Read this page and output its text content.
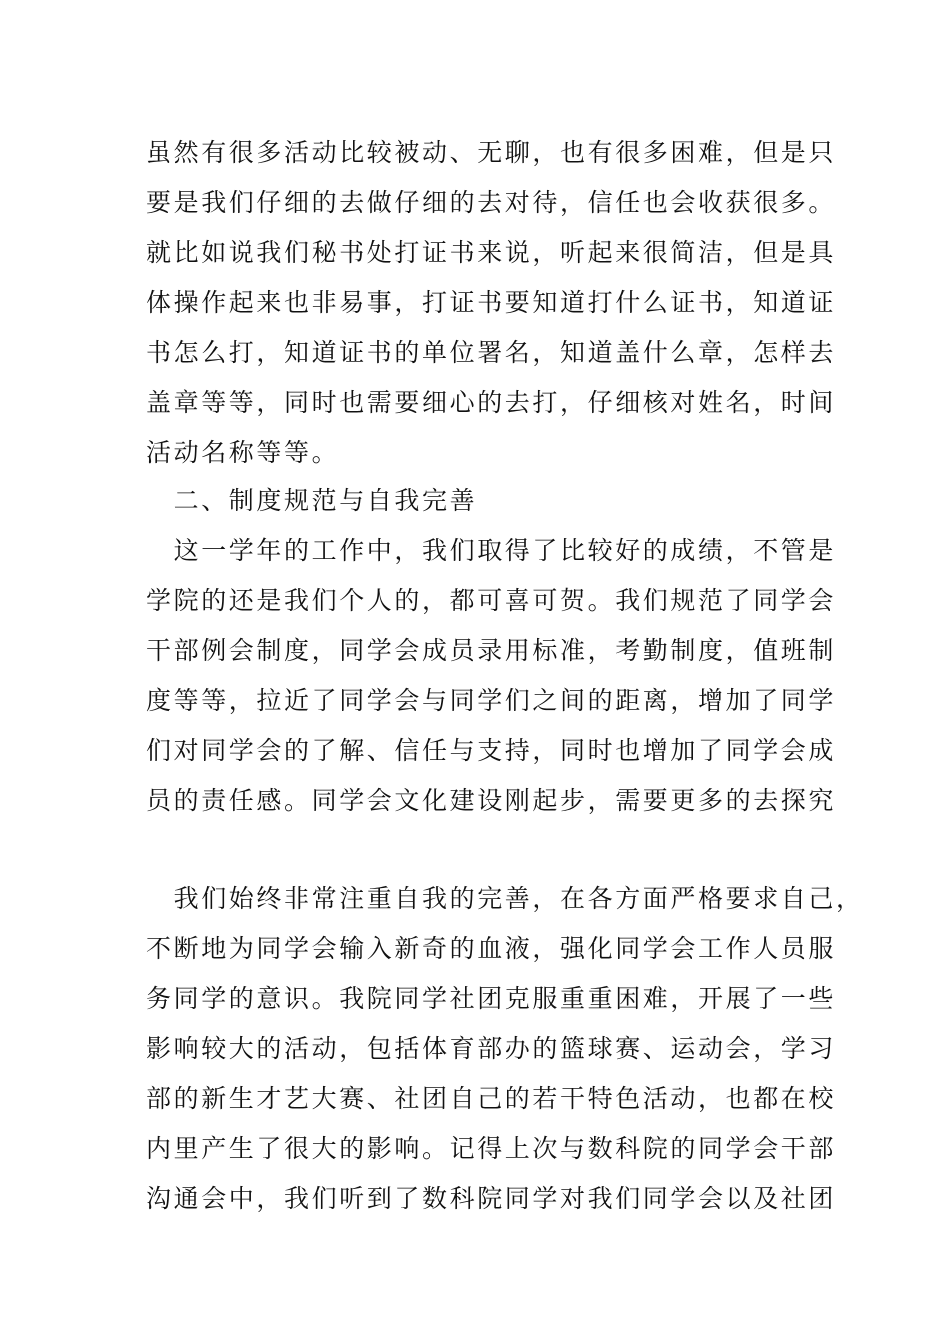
虽然有很多活动比较被动、无聊，也有很多困难，但是只
要是我们仔细的去做仔细的去对待，信任也会收获很多。
就比如说我们秘书处打证书来说，听起来很简洁，但是具
体操作起来也非易事，打证书要知道打什么证书，知道证
书怎么打，知道证书的单位署名，知道盖什么章，怎样去
盖章等等，同时也需要细心的去打，仔细核对姓名，时间
活动名称等等。
　二、制度规范与自我完善
　这一学年的工作中，我们取得了比较好的成绩，不管是
学院的还是我们个人的，都可喜可贺。我们规范了同学会
干部例会制度，同学会成员录用标准，考勤制度，值班制
度等等，拉近了同学会与同学们之间的距离，增加了同学
们对同学会的了解、信任与支持，同时也增加了同学会成
员的责任感。同学会文化建设刚起步，需要更多的去探究
　我们始终非常注重自我的完善，在各方面严格要求自己，
不断地为同学会输入新奇的血液，强化同学会工作人员服
务同学的意识。我院同学社团克服重重困难，开展了一些
影响较大的活动，包括体育部办的篮球赛、运动会，学习
部的新生才艺大赛、社团自己的若干特色活动，也都在校
内里产生了很大的影响。记得上次与数科院的同学会干部
沟通会中，我们听到了数科院同学对我们同学会以及社团
